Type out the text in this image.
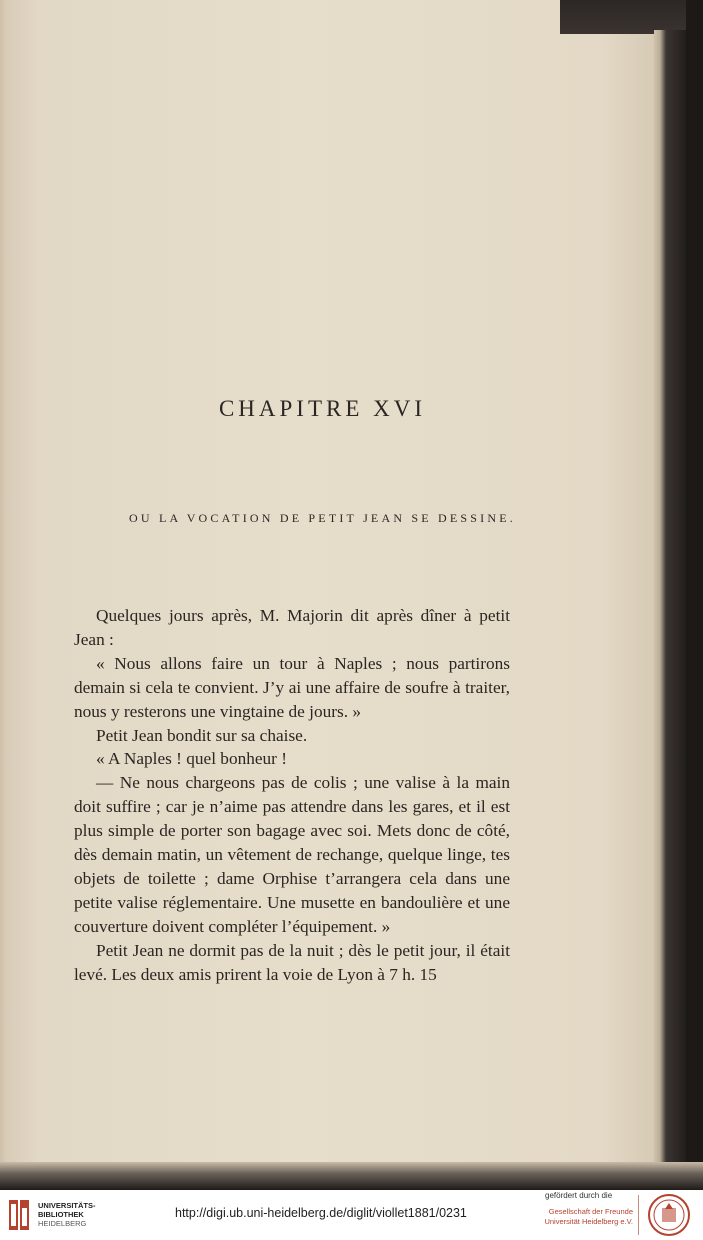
CHAPITRE XVI
OU LA VOCATION DE PETIT JEAN SE DESSINE.

Quelques jours après, M. Majorin dit après dîner à petit Jean :

« Nous allons faire un tour à Naples ; nous partirons demain si cela te convient. J’y ai une affaire de soufre à traiter, nous y resterons une vingtaine de jours. »

Petit Jean bondit sur sa chaise.

« A Naples ! quel bonheur !

— Ne nous chargeons pas de colis ; une valise à la main doit suffire ; car je n’aime pas attendre dans les gares, et il est plus simple de porter son bagage avec soi. Mets donc de côté, dès demain matin, un vêtement de rechange, quelque linge, tes objets de toilette ; dame Orphise t’arrangera cela dans une petite valise réglementaire. Une musette en bandoulière et une couverture doivent compléter l’équipement. »

Petit Jean ne dormit pas de la nuit ; dès le petit jour, il était levé. Les deux amis prirent la voie de Lyon à 7 h. 15

UNIVERSITÄTS-
BIBLIOTHEK
HEIDELBERG
http://digi.ub.uni-heidelberg.de/diglit/viollet1881/0231
gefördert durch die
Gesellschaft der Freunde
Universität Heidelberg e.V.
